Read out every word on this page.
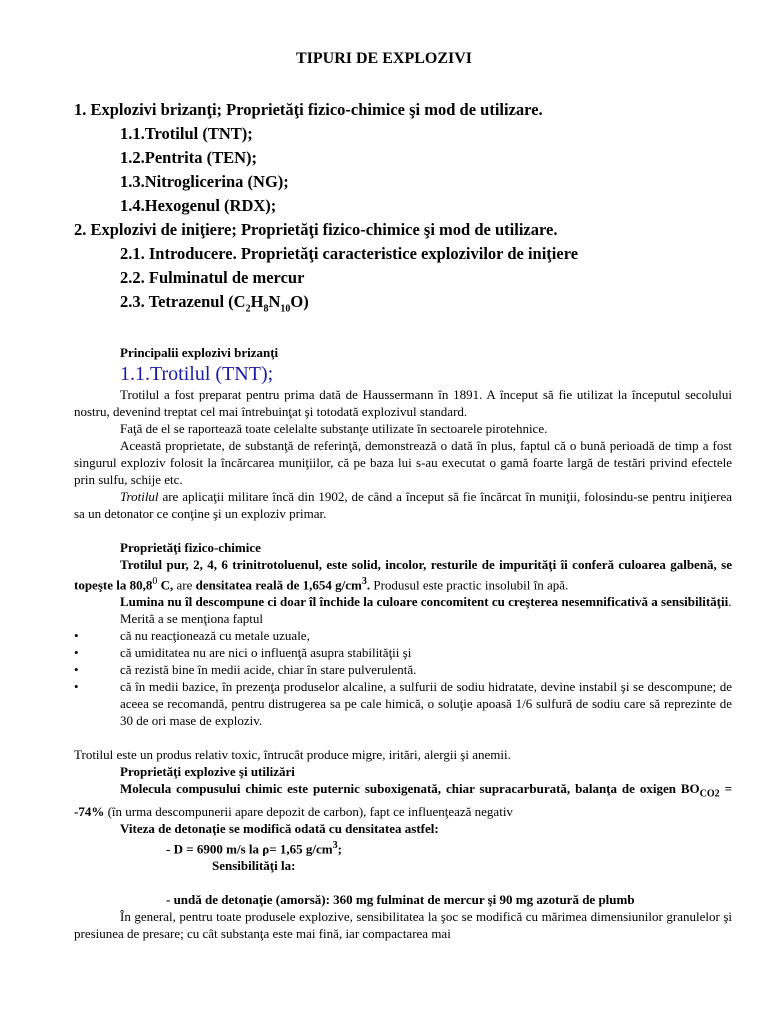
TIPURI DE EXPLOZIVI
1. Explozivi brizanţi; Proprietăţi fizico-chimice şi mod de utilizare.
1.1.Trotilul (TNT);
1.2.Pentrita (TEN);
1.3.Nitroglicerina (NG);
1.4.Hexogenul (RDX);
2. Explozivi de iniţiere; Proprietăţi fizico-chimice şi mod de utilizare.
2.1. Introducere. Proprietăţi caracteristice explozivilor de iniţiere
2.2. Fulminatul de mercur
2.3. Tetrazenul $(C_2H_8N_{10}O)$
Principalii explozivi brizanţi
1.1.Trotilul (TNT);

Trotilul a fost preparat pentru prima dată de Haussermann în 1891. A început să fie utilizat la începutul secolului nostru, devenind treptat cel mai întrebuinţat şi totodată explozivul standard.

Faţă de el se raportează toate celelalte substanţe utilizate în sectoarele pirotehnice.

Această proprietate, de substanţă de referinţă, demonstrează o dată în plus, faptul că o bună perioadă de timp a fost singurul exploziv folosit la încărcarea muniţiilor, că pe baza lui s-au executat o gamă foarte largă de testări privind efectele prin sulfu, schije etc.

Trotilul are aplicaţii militare încă din 1902, de când a început să fie încărcat în muniţii, folosindu-se pentru iniţierea sa un detonator ce conţine şi un exploziv primar.

Proprietăţi fizico-chimice

Trotilul pur, 2, 4, 6 trinitrotoluenul, este solid, incolor, resturile de impurităţi îi conferă culoarea galbenă, se topeşte la 80,8$^0$ C, are densitatea reală de 1,654 $g/cm^3$. Produsul este practic insolubil în apă.

Lumina nu îl descompune ci doar îl închide la culoare concomitent cu creşterea nesemnificativă a sensibilităţii.

Merită a se menţiona faptul

• că nu reacţionează cu metale uzuale,
• că umiditatea nu are nici o influenţă asupra stabilităţii şi
• că rezistă bine în medii acide, chiar în stare pulverulentă.
• că în medii bazice, în prezenţa produselor alcaline, a sulfurii de sodiu hidratate, devine instabil şi se descompune; de aceea se recomandă, pentru distrugerea sa pe cale himică, o soluţie apoasă 1/6 sulfură de sodiu care să reprezinte de 30 de ori mase de exploziv.
Trotilul este un produs relativ toxic, întrucât produce migre, iritări, alergii şi anemii.
Proprietăţi explozive şi utilizări

Molecula compusului chimic este puternic suboxigenată, chiar supracarburată, balanţa de oxigen $BO_{CO2} = -74\%$ (în urma descompunerii apare depozit de carbon), fapt ce influenţează negativ

Viteza de detonaţie se modifică odată cu densitatea astfel:

- D = 6900 m/s la ρ= 1,65 $g/cm^3$;
Sensibilităţi la:
- undă de detonaţie (amorsă): 360 mg fulminat de mercur şi 90 mg azotură de plumb

În general, pentru toate produsele explozive, sensibilitatea la şoc se modifică cu mărimea dimensiunilor granulelor şi presiunea de presare; cu cât substanţa este mai fină, iar compactarea mai
